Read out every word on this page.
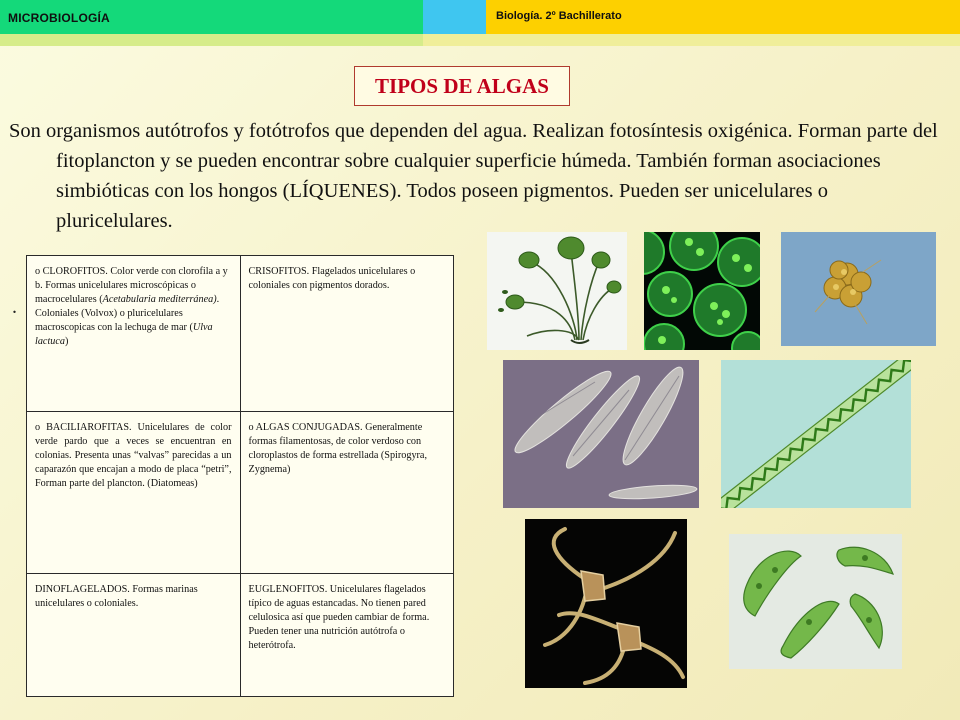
MICROBIOLOGÍA	Biología. 2º Bachillerato
TIPOS DE ALGAS
Son organismos autótrofos y fotótrofos que dependen del agua. Realizan fotosíntesis oxigénica. Forman parte del fitoplancton y se pueden encontrar sobre cualquier superficie húmeda. También forman asociaciones simbióticas con los hongos (LÍQUENES). Todos poseen pigmentos. Pueden ser unicelulares o pluricelulares.
.
o CLOROFITOS. Color verde con clorofila a y b. Formas unicelulares microscópicas o macrocelulares (Acetabularia mediterránea). Coloniales (Volvox) o pluricelulares macroscopicas con la lechuga de mar (Ulva lactuca)	CRISOFITOS. Flagelados unicelulares o coloniales con pigmentos dorados.
o BACILIAROFITAS. Unicelulares de color verde pardo que a veces se encuentran en colonias. Presenta unas “valvas” parecidas a un caparazón que encajan a modo de placa “petri”, Forman parte del plancton. (Diatomeas)	o ALGAS CONJUGADAS. Generalmente formas filamentosas, de color verdoso con cloroplastos de forma estrellada (Spirogyra, Zygnema)
DINOFLAGELADOS. Formas marinas unicelulares o coloniales.	EUGLENOFITOS. Unicelulares flagelados típico de aguas estancadas. No tienen pared celulosica así que pueden cambiar de forma. Pueden tener una nutrición autótrofa o heterótrofa.
